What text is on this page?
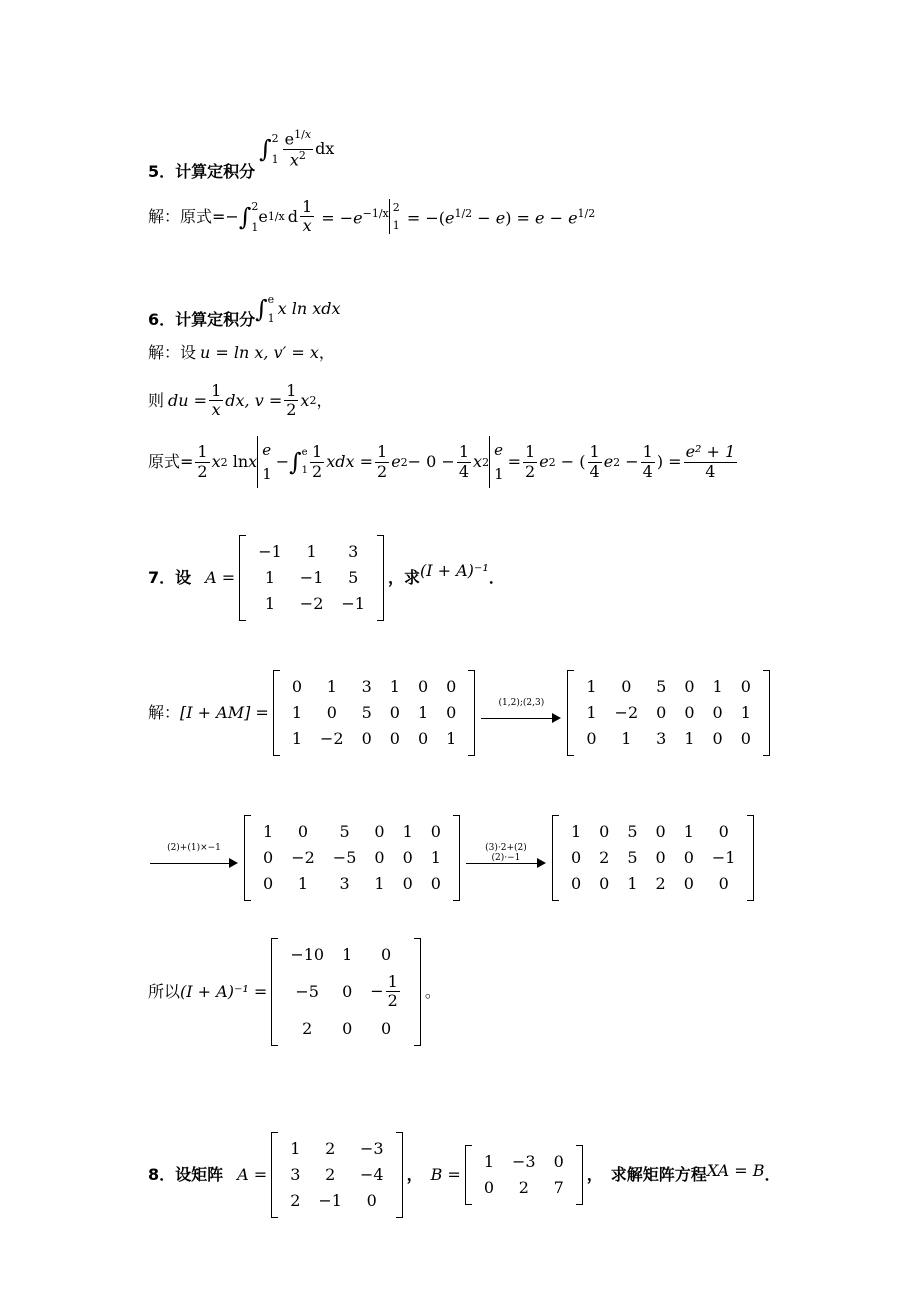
5．计算定积分
∫ 2
$1 \frac{e^{1/x}}{x^2}$ dx
解：原式= − ∫ 2
1
e 1/x d $\frac{1}{x} = -e^{-1/x}$ 2
$1 = -(e^{1/2} - e) = e - e^{1/2}$
6．计算定积分 ∫ e
1
x ln xdx
解：设 u = ln x, v′ = x ，
则 du = $\frac{1}{x}$ dx, $v = \frac{1}{2}$ x 2 ，
原式= $\frac{1}{2}$ x 2 ln x
e
1
− ∫ e
$1 \frac{1}{2}$ xdx = $\frac{1}{2}$ e $2 - 0 - \frac{1}{4}$ x 2
e
1
= $\frac{1}{2}$ e 2 − ( $\frac{1}{4}$ e $2 - \frac{1}{4}$ ) = $\frac{\text{e² + 1}}{4}$
7．设 A =
−1	1	3
1	−1	5
1	−2	−1
，求 (I + A)⁻¹ ．
解： [I + AM] =
0	1	3	1	0	0
1	0	5	0	1	0
1	−2	0	0	0	1
(1,2);(2,3)
1	0	5	0	1	0
1	−2	0	0	0	1
0	1	3	1	0	0
(2)+(1)×−1
1	0	5	0	1	0
0	−2	−5	0	0	1
0	1	3	1	0	0
(3)·2+(2)
(2)·−1
1	0	5	0	1	0
0	2	5	0	0	−1
0	0	1	2	0	0
所以 (I + A)⁻¹ =
−10	1	0
−5	0	− $\frac{1}{2}$

2	0	0
。
8．设矩阵 A =
1	2	−3
3	2	−4
2	−1	0
， B =
1	−3	0
0	2	7
，　求解矩阵方程 XA = B ．
